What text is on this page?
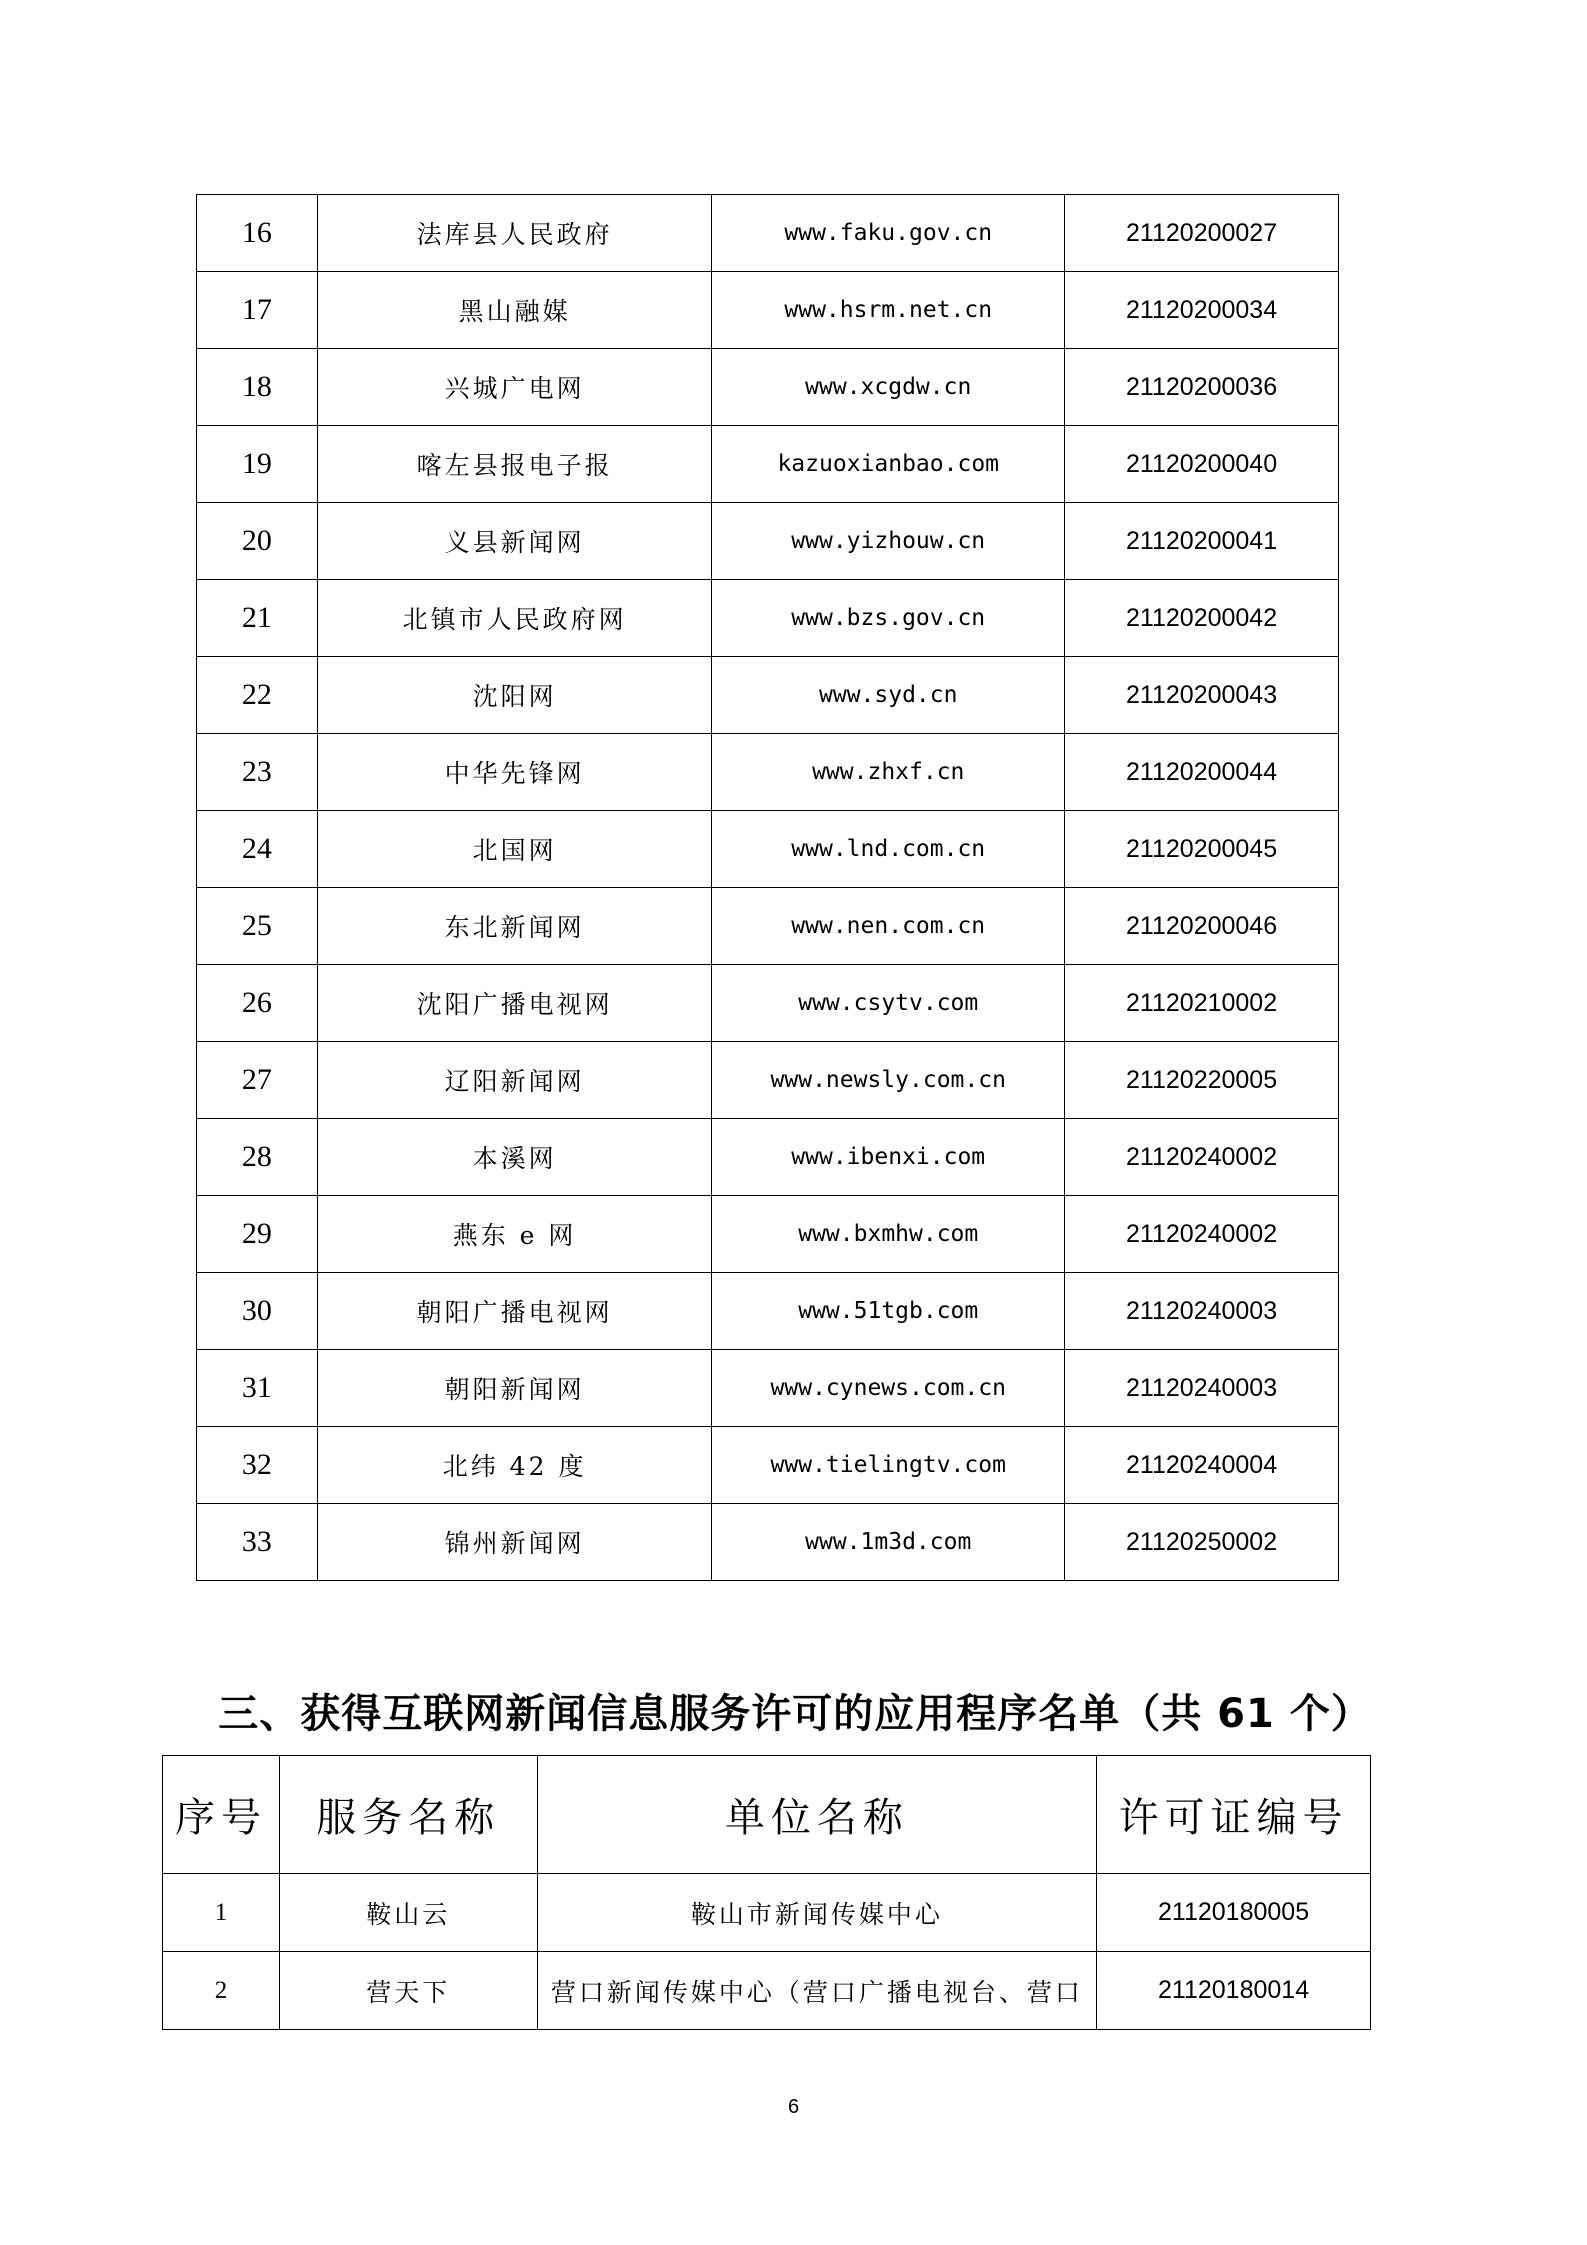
16	法库县人民政府	www.faku.gov.cn	21120200027
17	黑山融媒	www.hsrm.net.cn	21120200034
18	兴城广电网	www.xcgdw.cn	21120200036
19	喀左县报电子报	kazuoxianbao.com	21120200040
20	义县新闻网	www.yizhouw.cn	21120200041
21	北镇市人民政府网	www.bzs.gov.cn	21120200042
22	沈阳网	www.syd.cn	21120200043
23	中华先锋网	www.zhxf.cn	21120200044
24	北国网	www.lnd.com.cn	21120200045
25	东北新闻网	www.nen.com.cn	21120200046
26	沈阳广播电视网	www.csytv.com	21120210002
27	辽阳新闻网	www.newsly.com.cn	21120220005
28	本溪网	www.ibenxi.com	21120240002
29	燕东 e 网	www.bxmhw.com	21120240002
30	朝阳广播电视网	www.51tgb.com	21120240003
31	朝阳新闻网	www.cynews.com.cn	21120240003
32	北纬 42 度	www.tielingtv.com	21120240004
33	锦州新闻网	www.1m3d.com	21120250002
三、获得互联网新闻信息服务许可的应用程序名单（共 61 个）
序号	服务名称	单位名称	许可证编号
1	鞍山云	鞍山市新闻传媒中心	21120180005
2	营天下	营口新闻传媒中心（营口广播电视台、营口	21120180014
6
